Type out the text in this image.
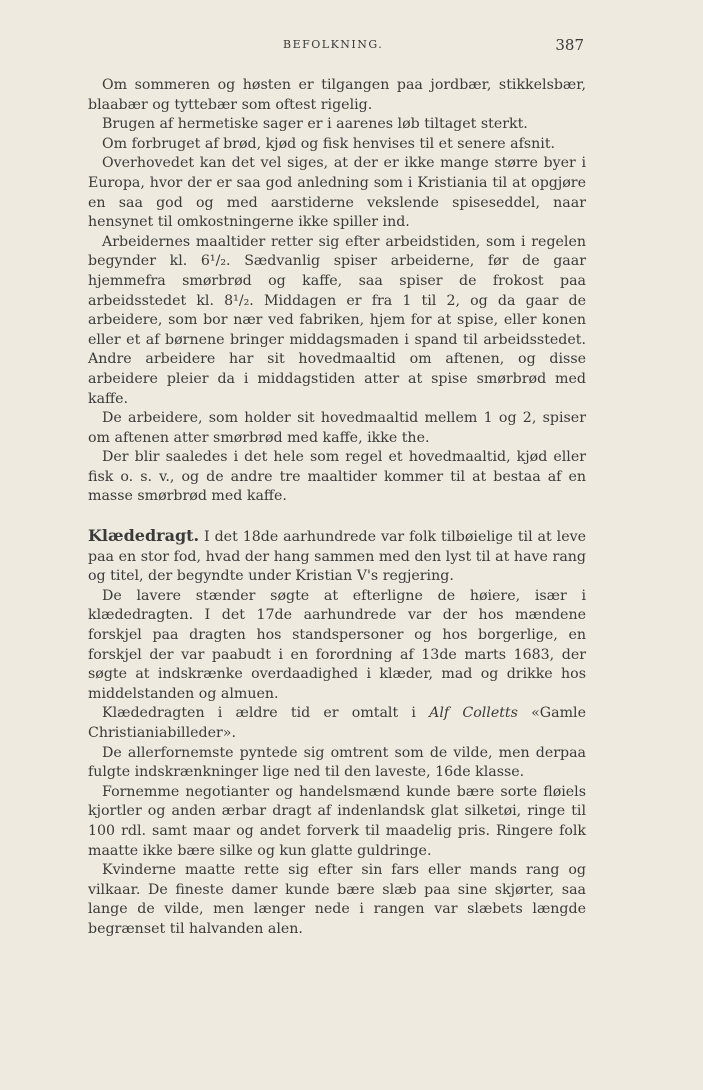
BEFOLKNING.	387

Om sommeren og høsten er tilgangen paa jordbær, stikkelsbær, blaabær og tyttebær som oftest rigelig.

Brugen af hermetiske sager er i aarenes løb tiltaget sterkt.

Om forbruget af brød, kjød og fisk henvises til et senere afsnit.

Overhovedet kan det vel siges, at der er ikke mange større byer i Europa, hvor der er saa god anledning som i Kristiania til at opgjøre en saa god og med aarstiderne vekslende spiseseddel, naar hensynet til omkostningerne ikke spiller ind.

Arbeidernes maaltider retter sig efter arbeidstiden, som i regelen begynder kl. 6¹/₂. Sædvanlig spiser arbeiderne, før de gaar hjemmefra smørbrød og kaffe, saa spiser de frokost paa arbeidsstedet kl. 8¹/₂. Middagen er fra 1 til 2, og da gaar de arbeidere, som bor nær ved fabriken, hjem for at spise, eller konen eller et af børnene bringer middagsmaden i spand til arbeidsstedet. Andre arbeidere har sit hovedmaaltid om aftenen, og disse arbeidere pleier da i middagstiden atter at spise smørbrød med kaffe.

De arbeidere, som holder sit hovedmaaltid mellem 1 og 2, spiser om aftenen atter smørbrød med kaffe, ikke the.

Der blir saaledes i det hele som regel et hovedmaaltid, kjød eller fisk o. s. v., og de andre tre maaltider kommer til at bestaa af en masse smørbrød med kaffe.

Klædedragt. I det 18de aarhundrede var folk tilbøielige til at leve paa en stor fod, hvad der hang sammen med den lyst til at have rang og titel, der begyndte under Kristian V's regjering.

De lavere stænder søgte at efterligne de høiere, især i klædedragten. I det 17de aarhundrede var der hos mændene forskjel paa dragten hos standspersoner og hos borgerlige, en forskjel der var paabudt i en forordning af 13de marts 1683, der søgte at indskrænke overdaadighed i klæder, mad og drikke hos middelstanden og almuen.

Klædedragten i ældre tid er omtalt i Alf Colletts «Gamle Christianiabilleder».

De allerfornemste pyntede sig omtrent som de vilde, men derpaa fulgte indskrænkninger lige ned til den laveste, 16de klasse.

Fornemme negotianter og handelsmænd kunde bære sorte fløiels kjortler og anden ærbar dragt af indenlandsk glat silketøi, ringe til 100 rdl. samt maar og andet forverk til maadelig pris. Ringere folk maatte ikke bære silke og kun glatte guldringe.

Kvinderne maatte rette sig efter sin fars eller mands rang og vilkaar. De fineste damer kunde bære slæb paa sine skjørter, saa lange de vilde, men længer nede i rangen var slæbets længde begrænset til halvanden alen.
